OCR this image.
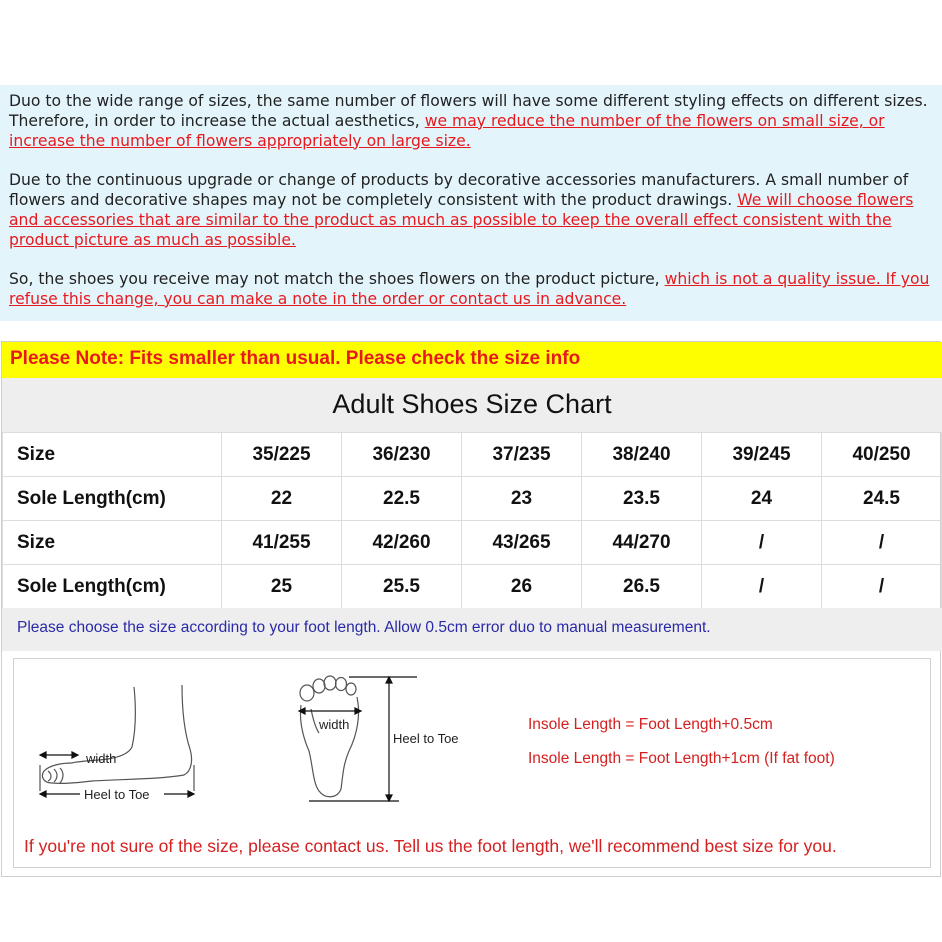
Duo to the wide range of sizes, the same number of flowers will have some different styling effects on different sizes. Therefore, in order to increase the actual aesthetics, we may reduce the number of the flowers on small size, or increase the number of flowers appropriately on large size.

Due to the continuous upgrade or change of products by decorative accessories manufacturers. A small number of flowers and decorative shapes may not be completely consistent with the product drawings. We will choose flowers and accessories that are similar to the product as much as possible to keep the overall effect consistent with the product picture as much as possible.

So, the shoes you receive may not match the shoes flowers on the product picture, which is not a quality issue. If you refuse this change, you can make a note in the order or contact us in advance.

Please Note: Fits smaller than usual. Please check the size info
Adult Shoes Size Chart
Size	35/225	36/230	37/235	38/240	39/245	40/250
Sole Length(cm)	22	22.5	23	23.5	24	24.5
Size	41/255	42/260	43/265	44/270	/	/
Sole Length(cm)	25	25.5	26	26.5	/	/
Please choose the size according to your foot length. Allow 0.5cm error duo to manual measurement.
width
Heel to Toe
width
Heel to Toe
Insole Length = Foot Length+0.5cm
Insole Length = Foot Length+1cm (If fat foot)
If you're not sure of the size, please contact us. Tell us the foot length, we'll recommend best size for you.
